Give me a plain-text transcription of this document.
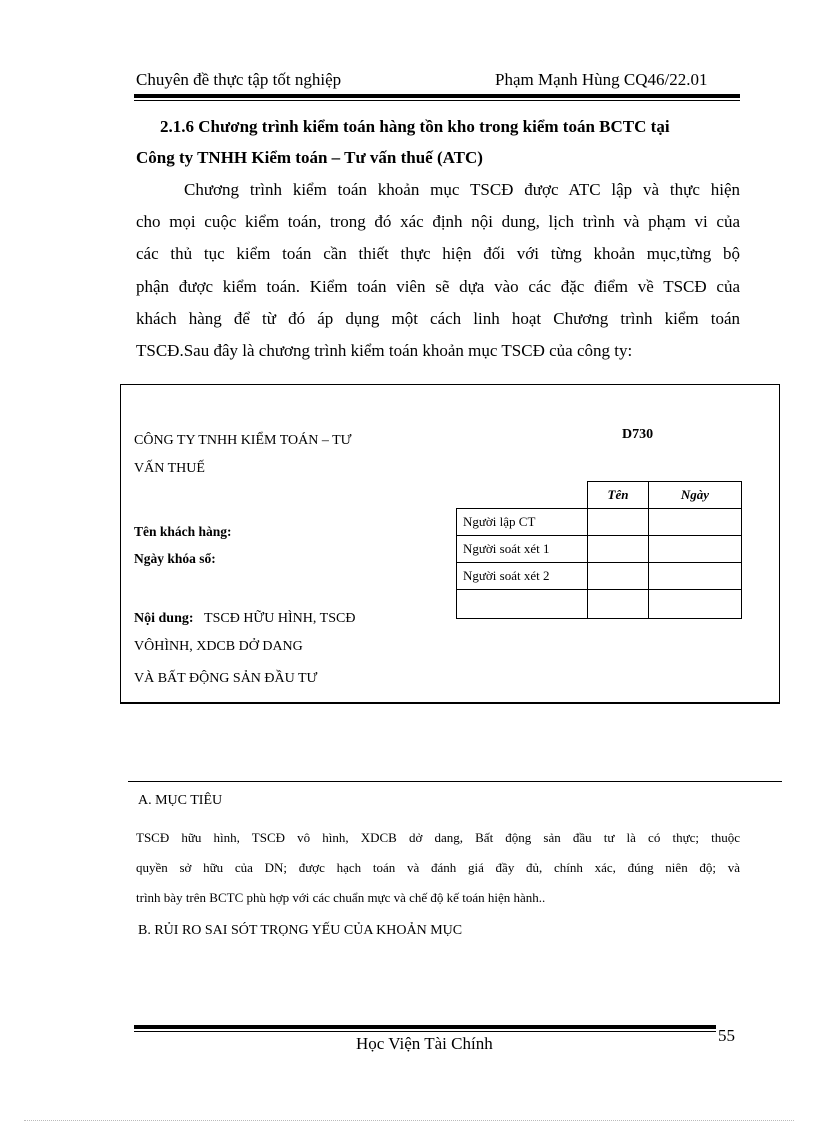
Chuyên đề thực tập tốt nghiệp	Phạm Mạnh Hùng CQ46/22.01
2.1.6 Chương trình kiểm toán hàng tồn kho trong kiểm toán BCTC tại
Công ty TNHH Kiểm toán – Tư vấn thuế (ATC)
Chương trình kiểm toán khoản mục TSCĐ được ATC lập và thực hiện
cho mọi cuộc kiểm toán, trong đó xác định nội dung, lịch trình và phạm vi của
các thủ tục kiểm toán cần thiết thực hiện đối với từng khoản mục,từng bộ
phận được kiểm toán. Kiểm toán viên sẽ dựa vào các đặc điểm về TSCĐ của
khách hàng để từ đó áp dụng một cách linh hoạt Chương trình kiểm toán
TSCĐ.Sau đây là chương trình kiểm toán khoản mục TSCĐ của công ty:
CÔNG TY TNHH KIỂM TOÁN – TƯ
VẤN THUẾ
D730
Tên khách hàng:
Ngày khóa sổ:
Nội dung: TSCĐ HỮU HÌNH, TSCĐ
VÔHÌNH, XDCB DỞ DANG
VÀ BẤT ĐỘNG SẢN ĐẦU TƯ
	Tên	Ngày
Người lập CT		
Người soát xét 1		
Người soát xét 2		

A. MỤC TIÊU
TSCĐ hữu hình, TSCĐ vô hình, XDCB dở dang, Bất động sản đầu tư là có thực; thuộc
quyền sở hữu của DN; được hạch toán và đánh giá đầy đủ, chính xác, đúng niên độ; và
trình bày trên BCTC phù hợp với các chuẩn mực và chế độ kế toán hiện hành..
B. RỦI RO SAI SÓT TRỌNG YẾU CỦA KHOẢN MỤC
Học Viện Tài Chính	55
